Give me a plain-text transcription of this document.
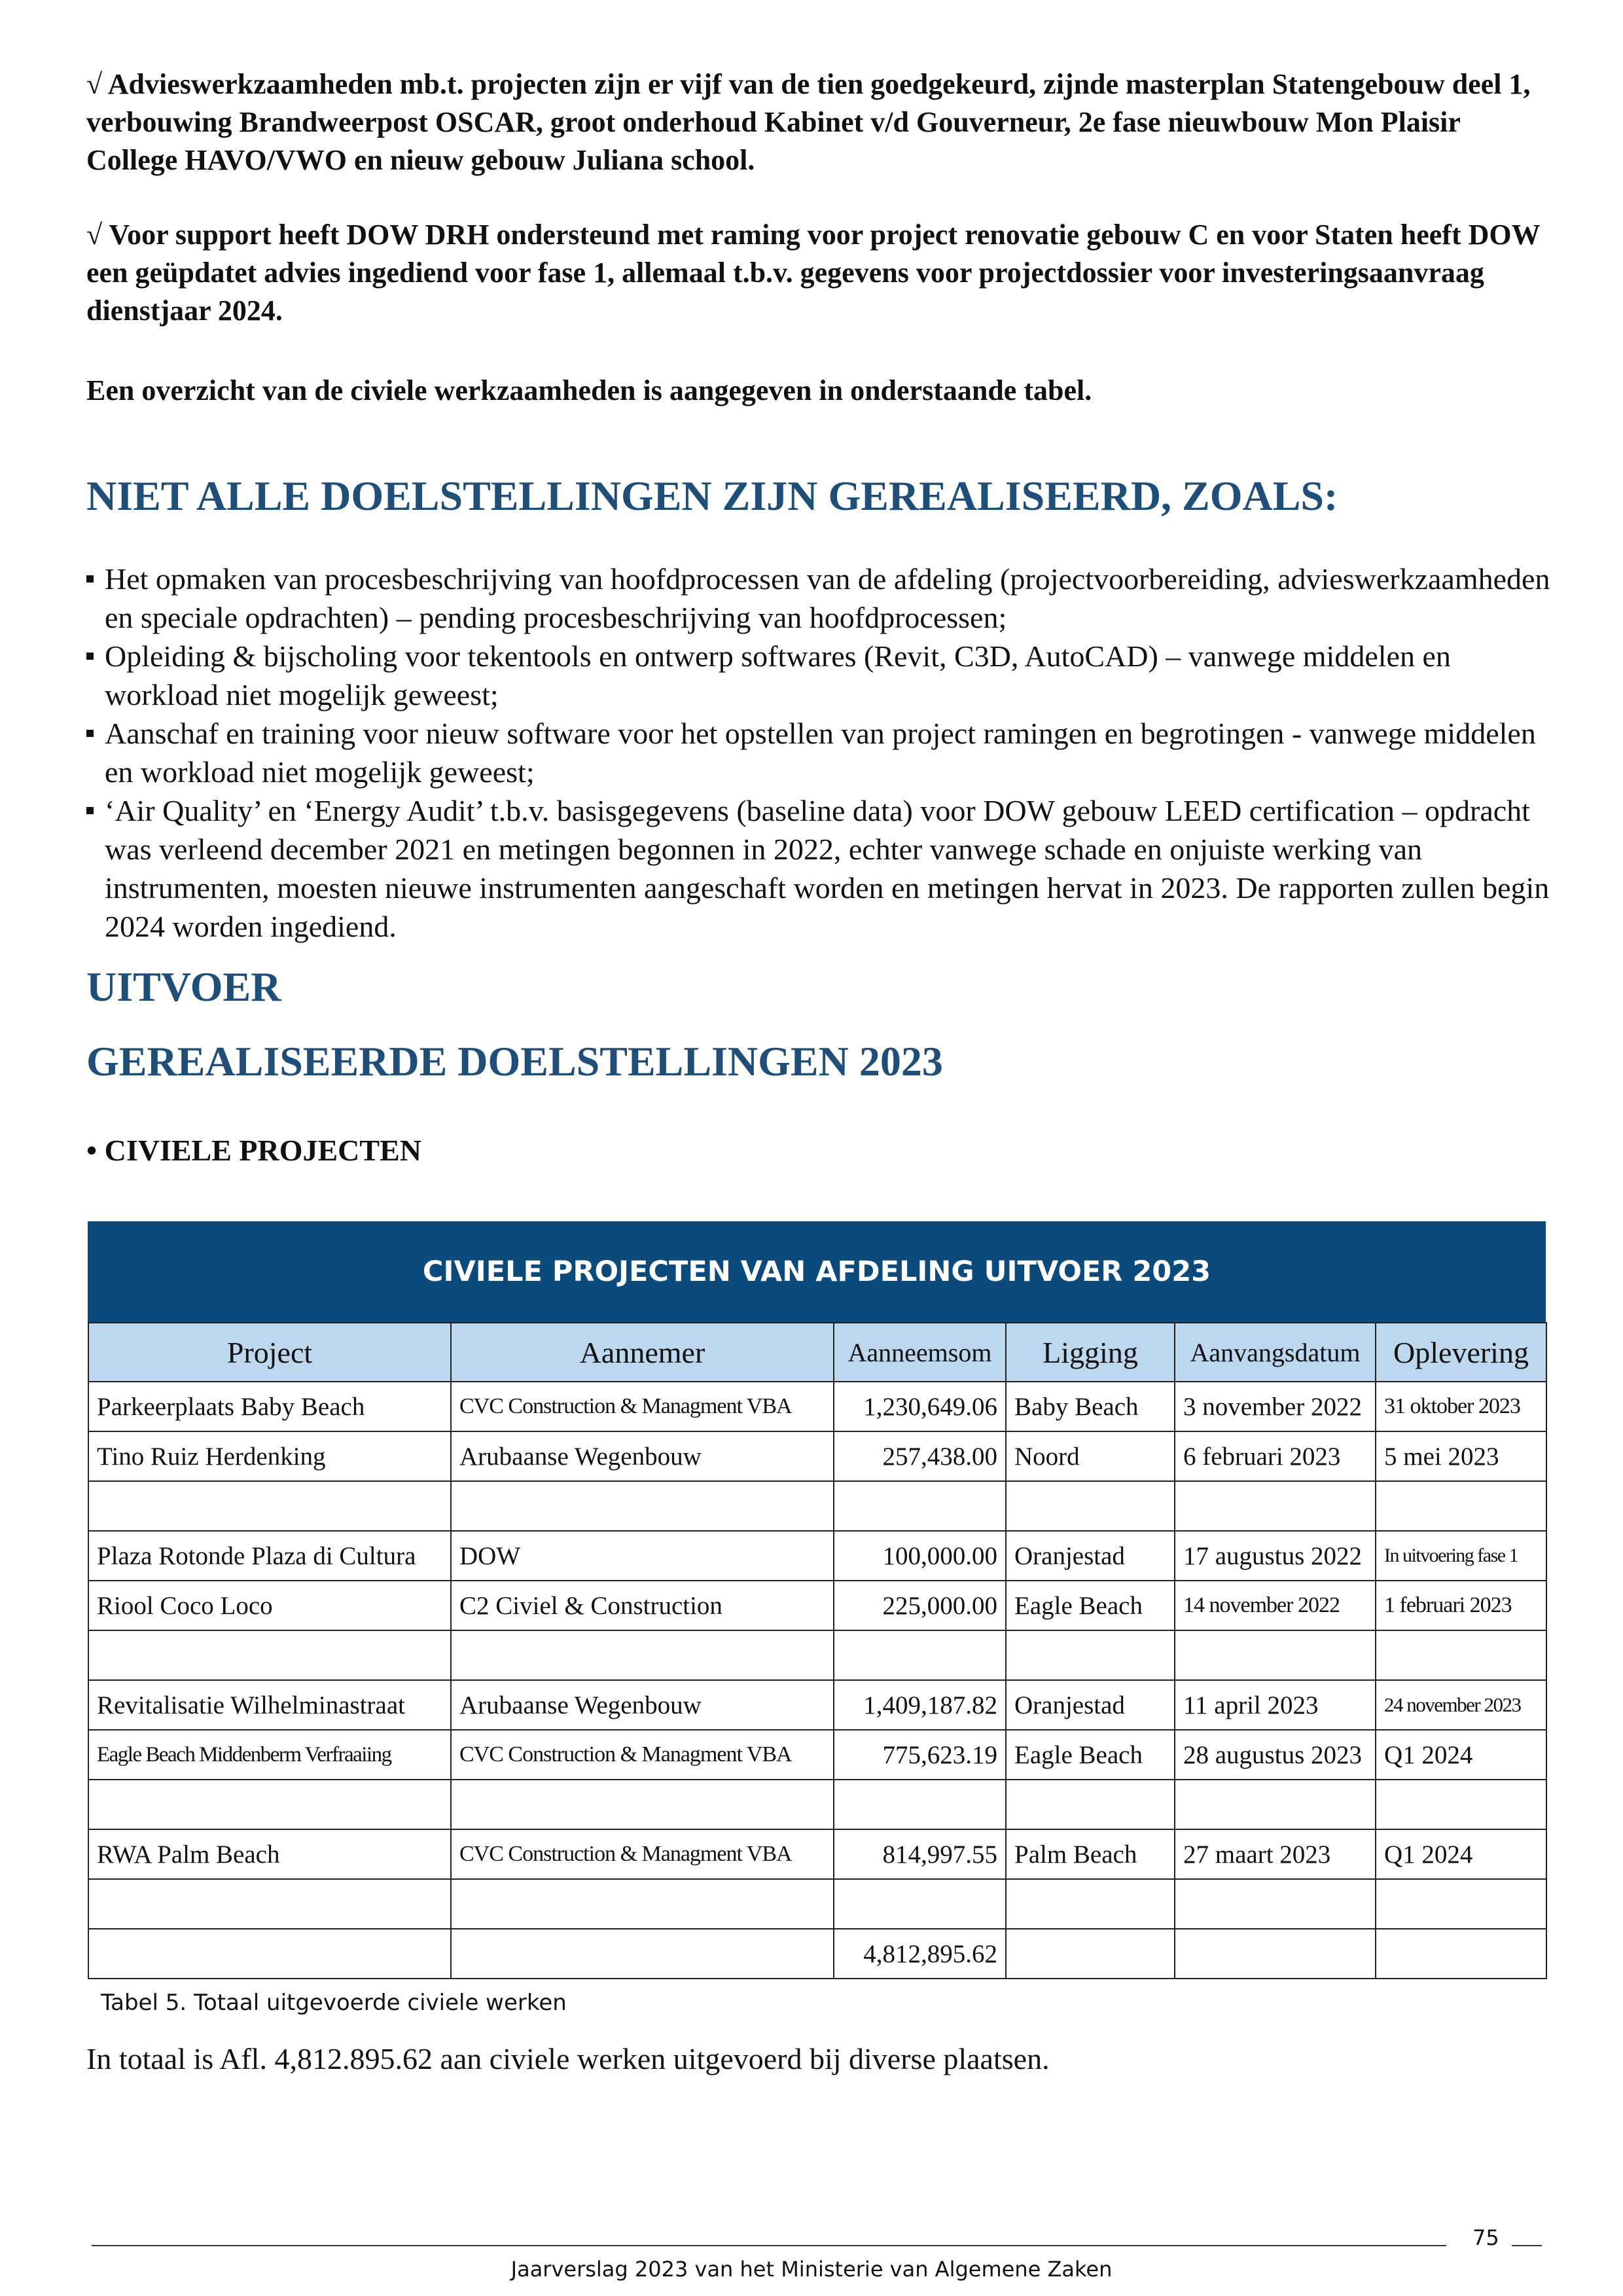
√ Advieswerkzaamheden mb.t. projecten zijn er vijf van de tien goedgekeurd, zijnde masterplan Statengebouw deel 1, verbouwing Brandweerpost OSCAR, groot onderhoud Kabinet v/d Gouverneur, 2e fase nieuwbouw Mon Plaisir College HAVO/VWO en nieuw gebouw Juliana school.

√ Voor support heeft DOW DRH ondersteund met raming voor project renovatie gebouw C en voor Staten heeft DOW een geüpdatet advies ingediend voor fase 1, allemaal t.b.v. gegevens voor projectdossier voor investeringsaanvraag dienstjaar 2024.

Een overzicht van de civiele werkzaamheden is aangegeven in onderstaande tabel.

NIET ALLE DOELSTELLINGEN ZIJN GEREALISEERD, ZOALS:
Het opmaken van procesbeschrijving van hoofdprocessen van de afdeling (projectvoorbereiding, advieswerkzaamheden en speciale opdrachten) – pending procesbeschrijving van hoofdprocessen;
Opleiding & bijscholing voor tekentools en ontwerp softwares (Revit, C3D, AutoCAD) – vanwege middelen en workload niet mogelijk geweest;
Aanschaf en training voor nieuw software voor het opstellen van project ramingen en begrotingen - vanwege middelen en workload niet mogelijk geweest;
‘Air Quality’ en ‘Energy Audit’ t.b.v. basisgegevens (baseline data) voor DOW gebouw LEED certification – opdracht was verleend december 2021 en metingen begonnen in 2022, echter vanwege schade en onjuiste werking van instrumenten, moesten nieuwe instrumenten aangeschaft worden en metingen hervat in 2023. De rapporten zullen begin 2024 worden ingediend.
UITVOER
GEREALISEERDE DOELSTELLINGEN 2023

• CIVIELE PROJECTEN

CIVIELE PROJECTEN VAN AFDELING UITVOER 2023
Project	Aannemer	Aanneemsom	Ligging	Aanvangsdatum	Oplevering
Parkeerplaats Baby Beach	CVC Construction & Managment VBA	1,230,649.06	Baby Beach	3 november 2022	31 oktober 2023
Tino Ruiz Herdenking	Arubaanse Wegenbouw	257,438.00	Noord	6 februari 2023	5 mei 2023

Plaza Rotonde Plaza di Cultura	DOW	100,000.00	Oranjestad	17 augustus 2022	In uitvoering fase 1
Riool Coco Loco	C2 Civiel & Construction	225,000.00	Eagle Beach	14 november 2022	1 februari 2023

Revitalisatie Wilhelminastraat	Arubaanse Wegenbouw	1,409,187.82	Oranjestad	11 april 2023	24 november 2023
Eagle Beach Middenberm Verfraaiing	CVC Construction & Managment VBA	775,623.19	Eagle Beach	28 augustus 2023	Q1 2024

RWA Palm Beach	CVC Construction & Managment VBA	814,997.55	Palm Beach	27 maart 2023	Q1 2024

		4,812,895.62			

Tabel 5. Totaal uitgevoerde civiele werken

In totaal is Afl. 4,812.895.62 aan civiele werken uitgevoerd bij diverse plaatsen.

75
Jaarverslag 2023 van het Ministerie van Algemene Zaken
